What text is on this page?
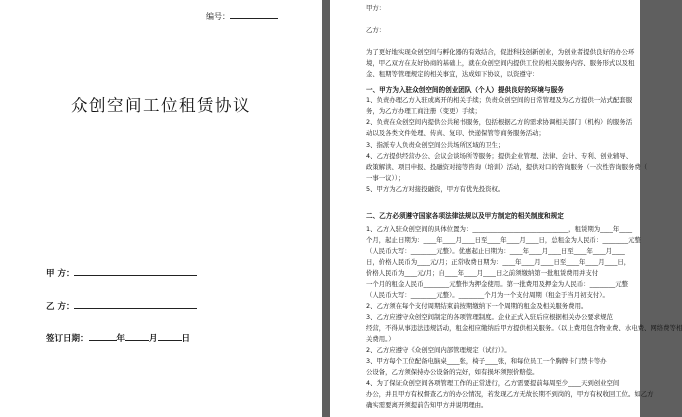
编号：
众创空间工位租赁协议
甲 方：
乙 方：
签订日期：	年	月	日
甲方：
乙方：
为了更好地实现众创空间与孵化器的有效结合，促进科技创新创业，为创业者提供良好的办公环
境，甲乙双方在友好协商的基础上，就在众创空间内提供工位的相关服务内容、服务形式以及租
金、租期等管理规定的相关事宜，达成如下协议，以资遵守：
一、甲方为入驻众创空间的创业团队（个人）提供良好的环境与服务
1、负责办理乙方入驻或离开的相关手续；负责众创空间的日常管理及为乙方提供一站式配套服
务，为乙方办理工商注册（变更）手续；
2、负责在众创空间内提供公共秘书服务，包括根据乙方的需求协调相关部门（机构）的服务活
动以及各类文件处理、传真、复印、快递保管等商务服务活动；
3、指派专人负责众创空间公共场所区域的卫生；
4、乙方提供经营办公、会议会谈场所等服务；提供企业管理、法律、会计、专利、创业辅导、
政策解读、项目申报、投融资对接等咨询（培训）活动，提供对口的咨询服务（一次性咨询服务费（
一事一议））；
5、甲方为乙方对接投融资，甲方有优先投资权。
二、乙方必须遵守国家各项法律法规以及甲方制定的相关制度和规定
1、乙方入驻众创空间的具体位置为：______________________________，租赁期为____年____
个月，起止日期为：____年____月____日至____年____月____日，总租金为人民币：________元整
（人民币大写：________元整）。优惠起止日期为：____年____月____日至____年____月____
日，价格人民币为____元/月；正常收费日期为：____年____月____日至____年____月____日，
价格人民币为____元/月；自____年____月____日之前须缴纳第一批租赁费用并支付
一个月的租金人民币________元整作为押金使用。第一批费用及押金为人民币：________元整
（人民币大写：________元整）。________个月为一个支付周期（租金于当月初支付）。
2、乙方须在每个支付周期结束前按期缴纳下一个周期的租金及相关服务费用。
3、乙方应遵守众创空间制定的各项管理制度。企业正式入驻后应根据相关办公要求规范
经营，不得从事违法违规活动，租金相应缴纳后甲方提供相关服务。（以上费用包含物业费、水电费、网络费等相
关费用。）
2、乙方应遵守《众创空间内部管理规定（试行）》。
3、甲方每个工位配备电脑桌____张，椅子____张，和每位员工一个胸牌卡门禁卡等办
公设备，乙方须保持办公设备的完好，如有损坏须照价赔偿。
4、为了保证众创空间各项管理工作的正常进行，乙方需要提前每周至少____天到创业空间
办公，并且甲方有权督查乙方的办公情况，若发现乙方无故长期不到岗的，甲方有权收回工位。如乙方
确实需要离开须提前告知甲方并说明理由。
